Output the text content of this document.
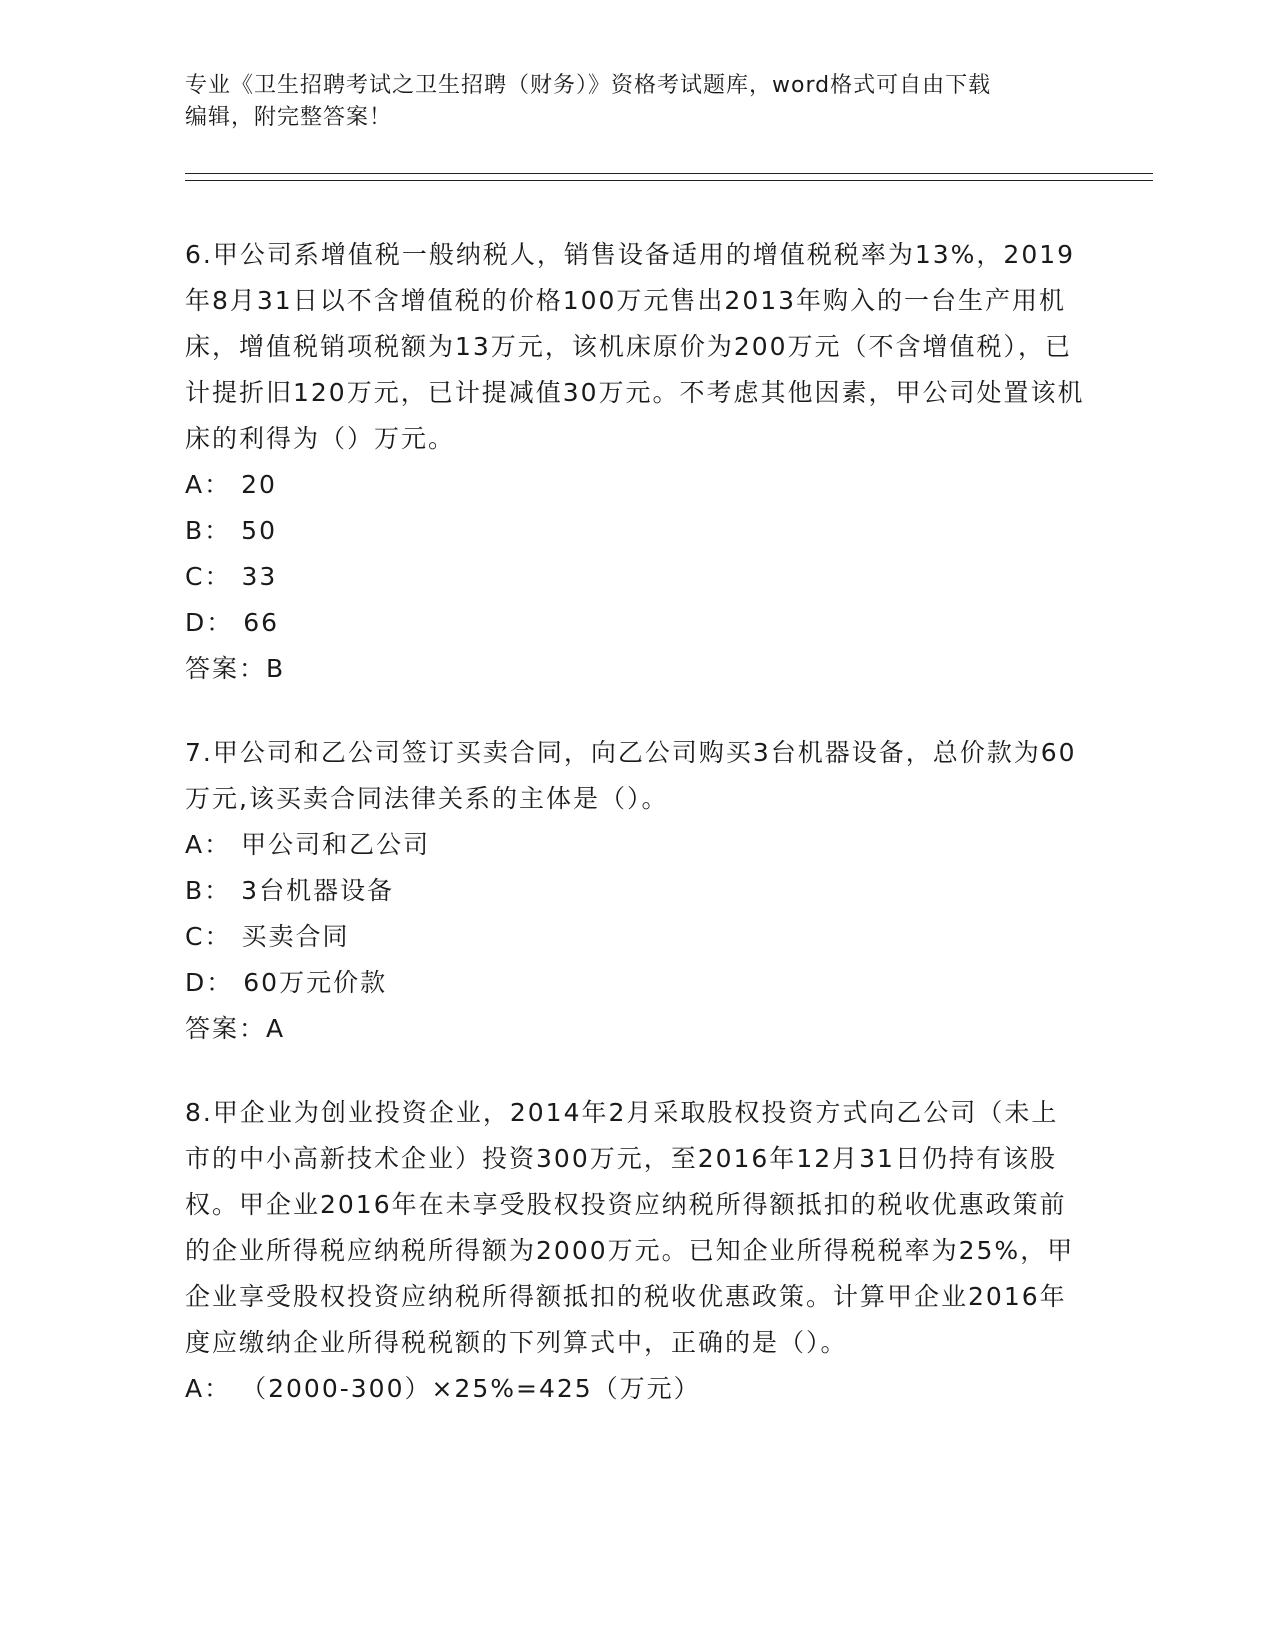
专业《卫生招聘考试之卫生招聘（财务）》资格考试题库，word格式可自由下载
编辑，附完整答案！

6.甲公司系增值税一般纳税人，销售设备适用的增值税税率为13%，2019年8月31日以不含增值税的价格100万元售出2013年购入的一台生产用机床，增值税销项税额为13万元，该机床原价为200万元（不含增值税），已计提折旧120万元，已计提减值30万元。不考虑其他因素，甲公司处置该机床的利得为（）万元。

A： 20
B： 50
C： 33
D： 66
答案：B

7.甲公司和乙公司签订买卖合同，向乙公司购买3台机器设备，总价款为60万元,该买卖合同法律关系的主体是（）。

A： 甲公司和乙公司
B： 3台机器设备
C： 买卖合同
D： 60万元价款
答案：A

8.甲企业为创业投资企业，2014年2月采取股权投资方式向乙公司（未上市的中小高新技术企业）投资300万元，至2016年12月31日仍持有该股权。甲企业2016年在未享受股权投资应纳税所得额抵扣的税收优惠政策前的企业所得税应纳税所得额为2000万元。已知企业所得税税率为25%，甲企业享受股权投资应纳税所得额抵扣的税收优惠政策。计算甲企业2016年度应缴纳企业所得税税额的下列算式中，正确的是（）。

A： （2000-300）×25%=425（万元）
